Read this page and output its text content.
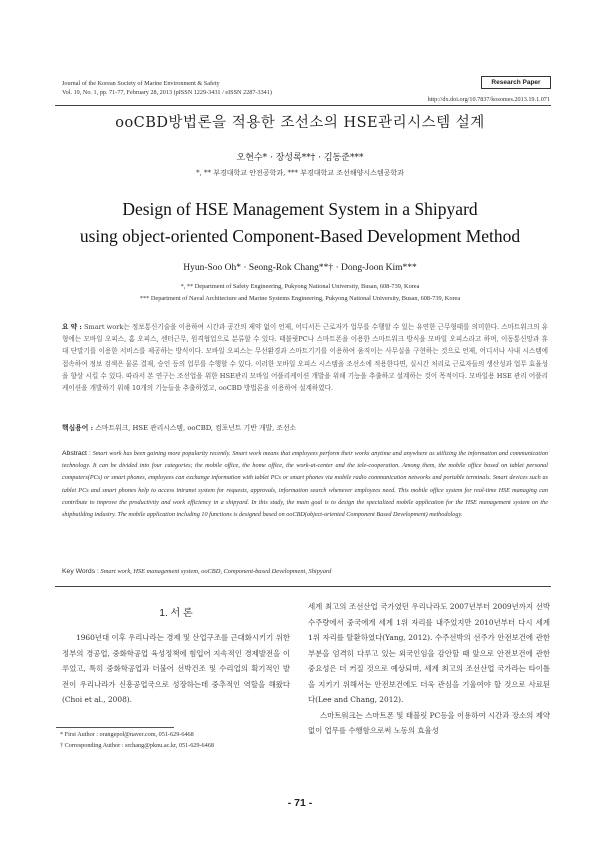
Journal of the Korean Society of Marine Environment & Safety
Vol. 19, No. 1, pp. 71-77, February 28, 2013 (pISSN 1229-3431 / eISSN 2287-3341)
Research Paper
http://dx.doi.org/10.7837/kosomes.2013.19.1.071
ooCBD방법론을 적용한 조선소의 HSE관리시스템 설계
오현수* · 장성록**† · 김동준***
*, ** 부경대학교 안전공학과, *** 부경대학교 조선해양시스템공학과
Design of HSE Management System in a Shipyard
using object-oriented Component-Based Development Method
Hyun-Soo Oh* · Seong-Rok Chang**† · Dong-Joon Kim***
*, ** Department of Safety Engineering, Pukyong National University, Busan, 608-739, Korea
*** Department of Naval Architecture and Marine Systems Engineering, Pukyong National University, Busan, 608-739, Korea
요 약 : Smart work는 정보통신기술을 이용하여 시간과 공간의 제약 없이 언제, 어디서든 근로자가 업무를 수행할 수 있는 유연한 근무형태를 의미한다. 스마트워크의 유형에는 모바일 오피스, 홈 오피스, 센터근무, 원격협업으로 분류할 수 있다. 태블릿PC나 스마트폰을 이용한 스마트워크 방식을 모바일 오피스라고 하며, 이동통신망과 휴대 단말기를 이용한 서비스를 제공하는 방식이다. 모바일 오피스는 무선환경과 스마트기기를 이용하여 움직이는 사무실을 구현하는 것으로 언제, 어디서나 사내 시스템에 접속하여 정보 검색은 물론 결재, 승인 등의 업무를 수행할 수 있다. 이러한 모바일 오피스 시스템을 조선소에 적용한다면, 실시간 처리로 근로자들의 생산성과 업무 효율성을 향상 시킬 수 있다. 따라서 본 연구는 조선업을 위한 HSE관리 모바일 어플리케이션 개발을 위해 기능을 추출하고 설계하는 것이 목적이다. 모바일용 HSE 관리 어플리케이션을 개발하기 위해 10개의 기능들을 추출하였고, ooCBD 방법론을 이용하여 설계하였다.
핵심용어 : 스마트워크, HSE 관리시스템, ooCBD, 컴포넌트 기반 개발, 조선소
Abstract : Smart work has been gaining more popularity recently. Smart work means that employees perform their works anytime and anywhere as utilizing the information and communication technology. It can be divided into four categories; the mobile office, the home office, the work-at-center and the tele-cooperation. Among them, the mobile office based on tablet personal computers(PCs) or smart phones, employees can exchange information with tablet PCs or smart phones via mobile radio communication networks and portable terminals. Smart devices such as tablet PCs and smart phones help to access intranet system for requests, approvals, information search whenever employees need. This mobile office system for real-time HSE managing can contribute to improve the productivity and work efficiency in a shipyard. In this study, the main goal is to design the specialized mobile application for the HSE management system on the shipbuilding industry. The mobile application including 10 functions is designed based on ooCBD(object-oriented Component Based Development) methodology.
Key Words : Smart work, HSE management system, ooCBD, Component-based Development, Shipyard
1. 서 론
1960년대 이후 우리나라는 경제 및 산업구조를 근대화시키기 위한 정부의 경공업, 중화학공업 육성정책에 힘입어 지속적인 경제발전을 이루었고, 특히 중화학공업과 더불어 선박건조 및 수리업의 획기적인 발전이 우리나라가 신흥공업국으로 성장하는데 중추적인 역할을 해왔다(Choi et al., 2008).
세계 최고의 조선산업 국가였던 우리나라도 2007년부터 2009년까지 선박 수주량에서 중국에게 세계 1위 자리를 내주었지만 2010년부터 다시 세계 1위 자리를 탈환하였다(Yang, 2012). 수주선박의 선주가 안전보건에 관한 부분을 엄격히 다루고 있는 외국인임을 감안할 때 앞으로 안전보건에 관한 중요성은 더 커질 것으로 예상되며, 세계 최고의 조선산업 국가라는 타이틀을 지키기 위해서는 안전보건에도 더욱 관심을 기울여야 할 것으로 사료된다(Lee and Chang, 2012).
스마트워크는 스마트폰 및 태블릿 PC등을 이용하여 시간과 장소의 제약 없이 업무를 수행함으로써 노동의 효율성
* First Author : orangepol@naver.com, 051-629-6468
† Corresponding Author : srchang@pknu.ac.kr, 051-629-6468
- 71 -
